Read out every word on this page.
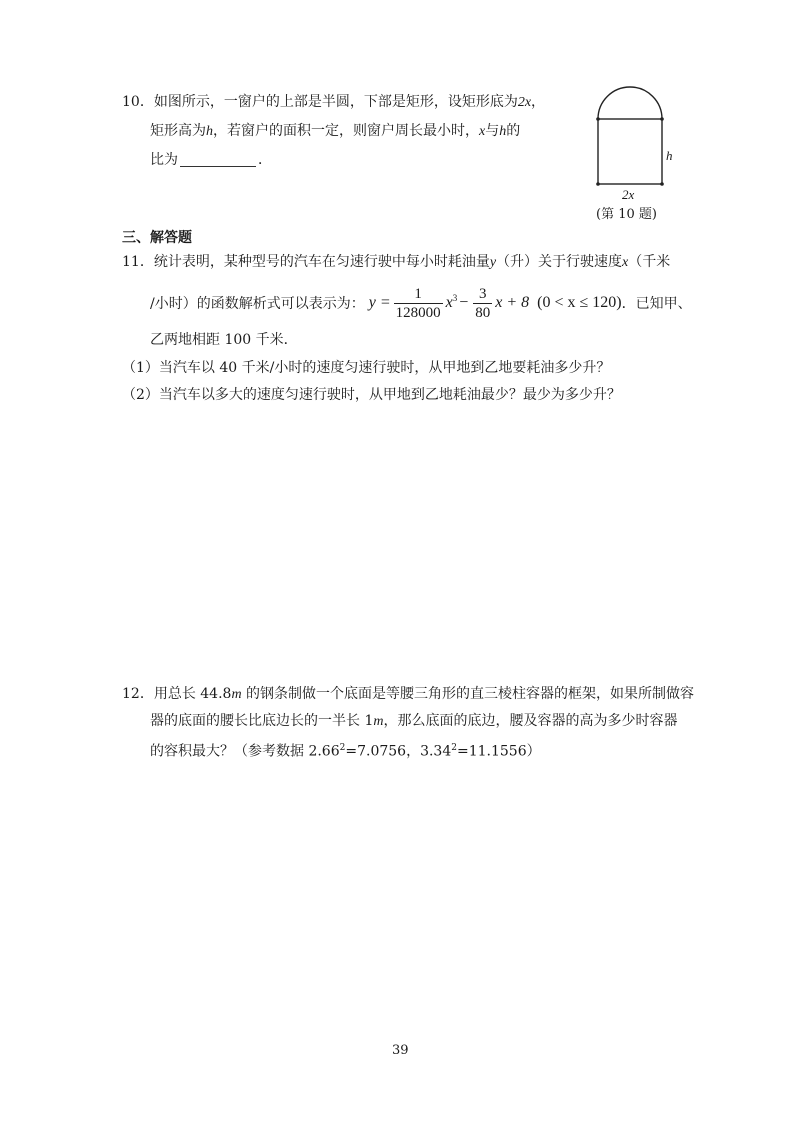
10．如图所示，一窗户的上部是半圆，下部是矩形，设矩形底为2x，
矩形高为h，若窗户的面积一定，则窗户周长最小时，x与h的
比为	．	h
2x
(第 10 题)
三、解答题
11．统计表明，某种型号的汽车在匀速行驶中每小时耗油量y（升）关于行驶速度x（千米
/小时）的函数解析式可以表示为： $y = \frac{1}{128000} x^3 - \frac{3}{80}$ x + 8 (0 < x ≤ 120) ．已知甲、
乙两地相距 100 千米．
（1）当汽车以 40 千米/小时的速度匀速行驶时，从甲地到乙地要耗油多少升？
（2）当汽车以多大的速度匀速行驶时，从甲地到乙地耗油最少？最少为多少升？
12．用总长 44.8m 的钢条制做一个底面是等腰三角形的直三棱柱容器的框架，如果所制做容
器的底面的腰长比底边长的一半长 1m，那么底面的底边，腰及容器的高为多少时容器
的容积最大？（参考数据 $2.66^2=7.0756$，$3.34^2=11.1556$）
39
